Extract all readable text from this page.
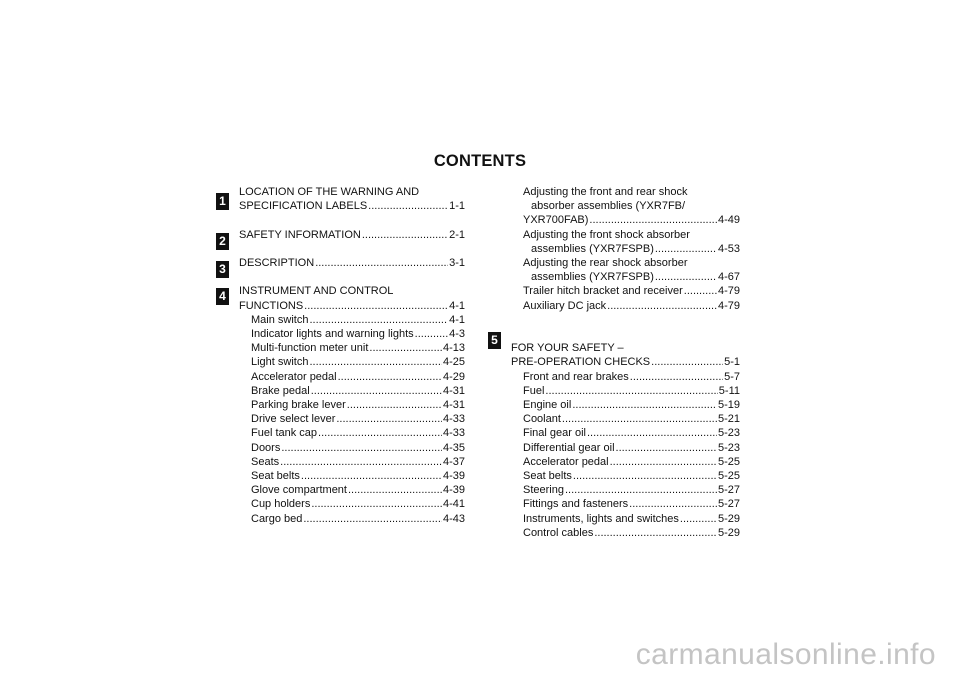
CONTENTS
1
2
3
4
5
LOCATION OF THE WARNING AND
SPECIFICATION LABELS .....	1-1
SAFETY INFORMATION .....	2-1
DESCRIPTION .....	3-1
INSTRUMENT AND CONTROL
FUNCTIONS .....	4-1
Main switch .....	4-1
Indicator lights and warning lights .....	4-3
Multi-function meter unit .....	4-13
Light switch .....	4-25
Accelerator pedal .....	4-29
Brake pedal .....	4-31
Parking brake lever .....	4-31
Drive select lever .....	4-33
Fuel tank cap .....	4-33
Doors .....	4-35
Seats .....	4-37
Seat belts .....	4-39
Glove compartment .....	4-39
Cup holders .....	4-41
Cargo bed .....	4-43
Adjusting the front and rear shock
absorber assemblies (YXR7FB/
YXR700FAB) .....	4-49
Adjusting the front shock absorber
assemblies (YXR7FSPB) .....	4-53
Adjusting the rear shock absorber
assemblies (YXR7FSPB) .....	4-67
Trailer hitch bracket and receiver .....	4-79
Auxiliary DC jack .....	4-79
FOR YOUR SAFETY –
PRE-OPERATION CHECKS .....	5-1
Front and rear brakes .....	5-7
Fuel .....	5-11
Engine oil .....	5-19
Coolant .....	5-21
Final gear oil .....	5-23
Differential gear oil .....	5-23
Accelerator pedal .....	5-25
Seat belts .....	5-25
Steering .....	5-27
Fittings and fasteners .....	5-27
Instruments, lights and switches .....	5-29
Control cables .....	5-29
carmanualsonline.info
